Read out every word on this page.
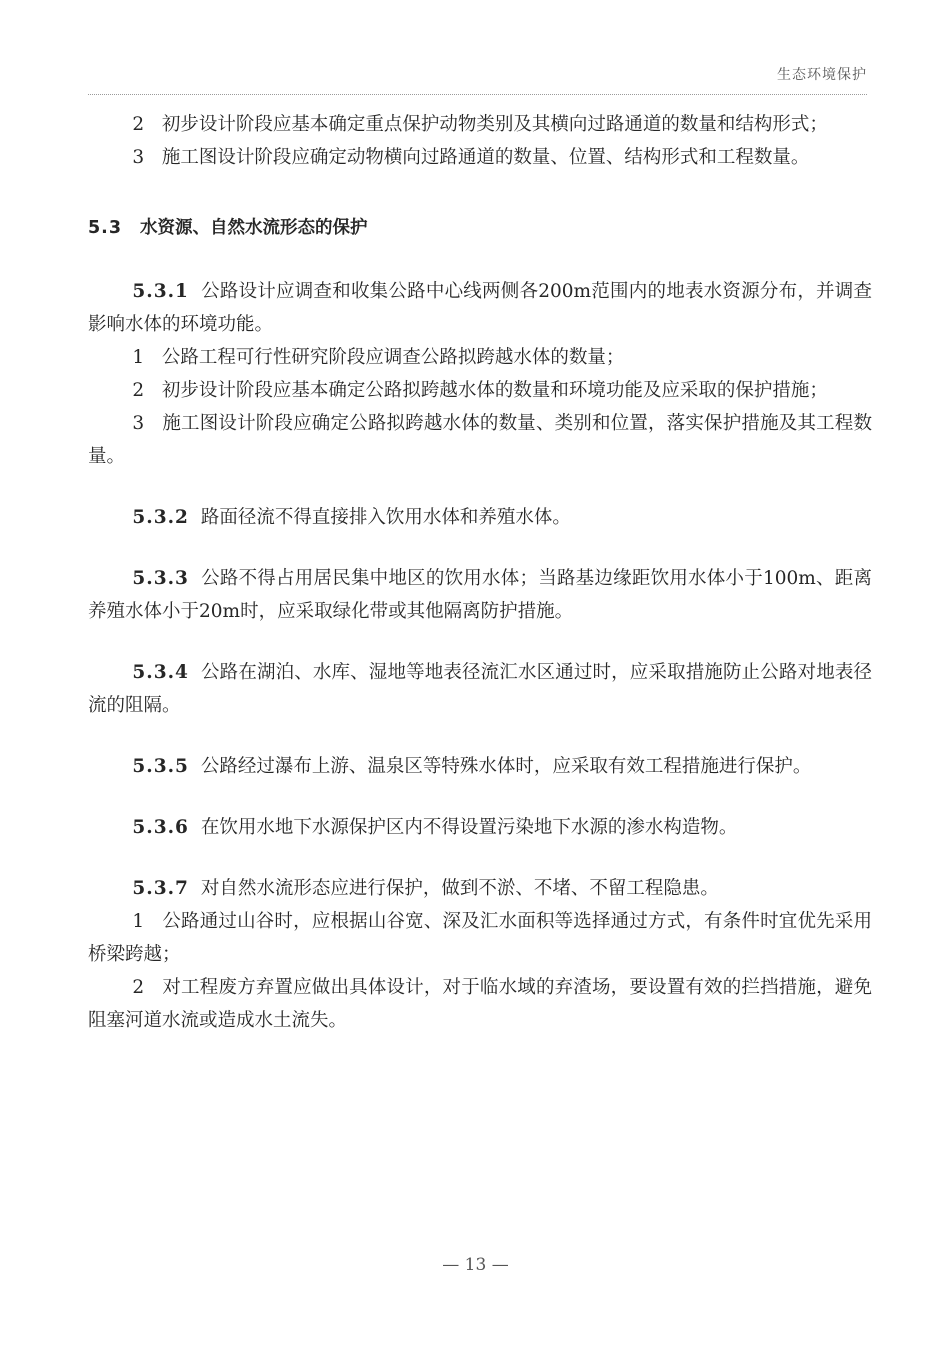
生态环境保护

2 初步设计阶段应基本确定重点保护动物类别及其横向过路通道的数量和结构形式；

3 施工图设计阶段应确定动物横向过路通道的数量、位置、结构形式和工程数量。

5.3 水资源、自然水流形态的保护

5.3.1 公路设计应调查和收集公路中心线两侧各200m范围内的地表水资源分布，并调查影响水体的环境功能。

1 公路工程可行性研究阶段应调查公路拟跨越水体的数量；

2 初步设计阶段应基本确定公路拟跨越水体的数量和环境功能及应采取的保护措施；

3 施工图设计阶段应确定公路拟跨越水体的数量、类别和位置，落实保护措施及其工程数量。

5.3.2 路面径流不得直接排入饮用水体和养殖水体。

5.3.3 公路不得占用居民集中地区的饮用水体；当路基边缘距饮用水体小于100m、距离养殖水体小于20m时，应采取绿化带或其他隔离防护措施。

5.3.4 公路在湖泊、水库、湿地等地表径流汇水区通过时，应采取措施防止公路对地表径流的阻隔。

5.3.5 公路经过瀑布上游、温泉区等特殊水体时，应采取有效工程措施进行保护。

5.3.6 在饮用水地下水源保护区内不得设置污染地下水源的渗水构造物。

5.3.7 对自然水流形态应进行保护，做到不淤、不堵、不留工程隐患。

1 公路通过山谷时，应根据山谷宽、深及汇水面积等选择通过方式，有条件时宜优先采用桥梁跨越；

2 对工程废方弃置应做出具体设计，对于临水域的弃渣场，要设置有效的拦挡措施，避免阻塞河道水流或造成水土流失。

— 13 —
